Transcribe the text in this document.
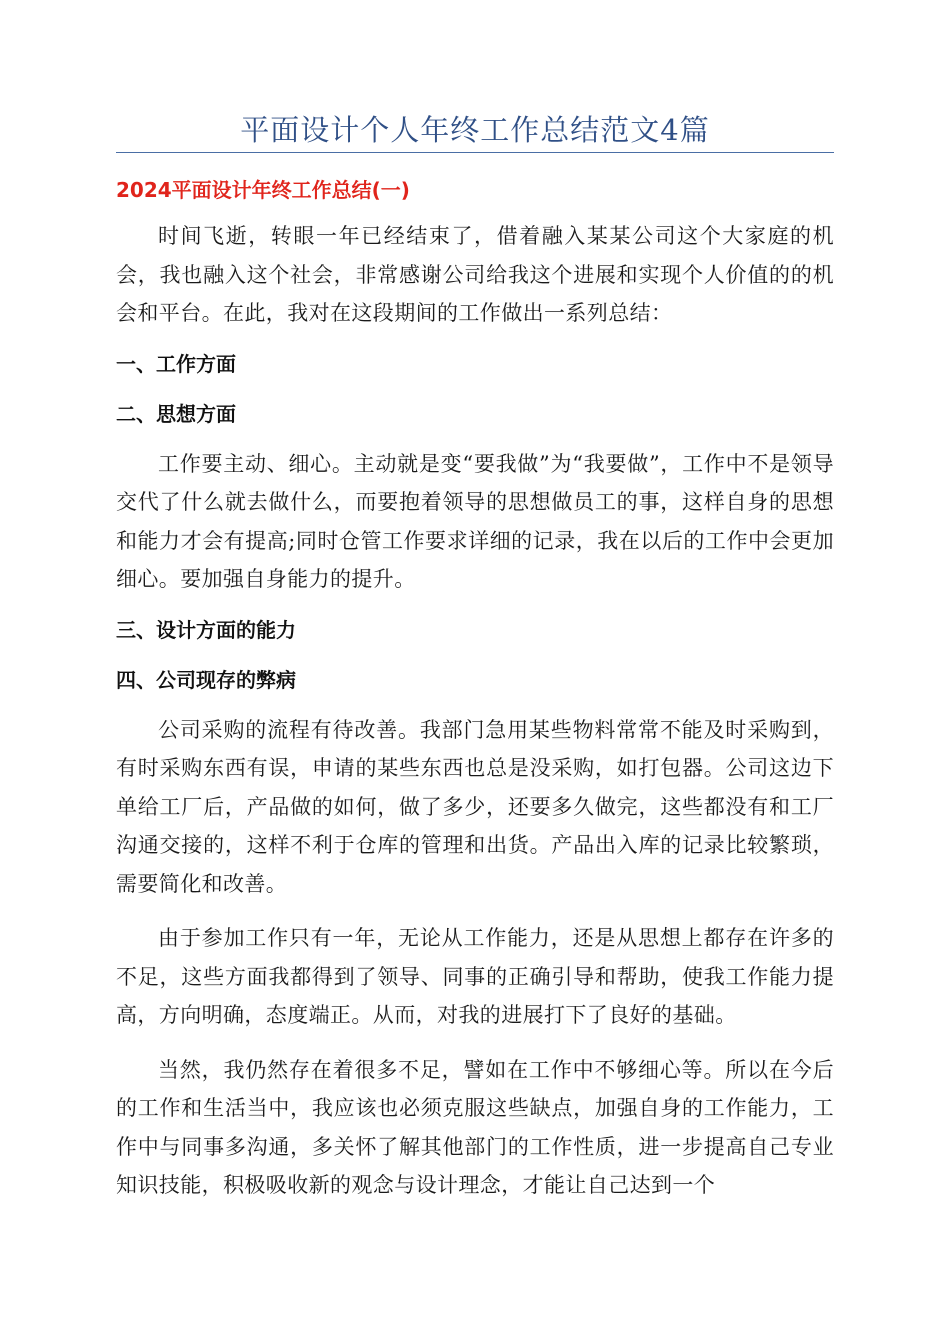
平面设计个人年终工作总结范文4篇
2024平面设计年终工作总结(一)

时间飞逝，转眼一年已经结束了，借着融入某某公司这个大家庭的机会，我也融入这个社会，非常感谢公司给我这个进展和实现个人价值的的机会和平台。在此，我对在这段期间的工作做出一系列总结：

一、工作方面
二、思想方面

工作要主动、细心。主动就是变“要我做”为“我要做”，工作中不是领导交代了什么就去做什么，而要抱着领导的思想做员工的事，这样自身的思想和能力才会有提高;同时仓管工作要求详细的记录，我在以后的工作中会更加细心。要加强自身能力的提升。

三、设计方面的能力
四、公司现存的弊病

公司采购的流程有待改善。我部门急用某些物料常常不能及时采购到，有时采购东西有误，申请的某些东西也总是没采购，如打包器。公司这边下单给工厂后，产品做的如何，做了多少，还要多久做完，这些都没有和工厂沟通交接的，这样不利于仓库的管理和出货。产品出入库的记录比较繁琐，需要简化和改善。

由于参加工作只有一年，无论从工作能力，还是从思想上都存在许多的不足，这些方面我都得到了领导、同事的正确引导和帮助，使我工作能力提高，方向明确，态度端正。从而，对我的进展打下了良好的基础。

当然，我仍然存在着很多不足，譬如在工作中不够细心等。所以在今后的工作和生活当中，我应该也必须克服这些缺点，加强自身的工作能力，工作中与同事多沟通，多关怀了解其他部门的工作性质，进一步提高自己专业知识技能，积极吸收新的观念与设计理念，才能让自己达到一个
